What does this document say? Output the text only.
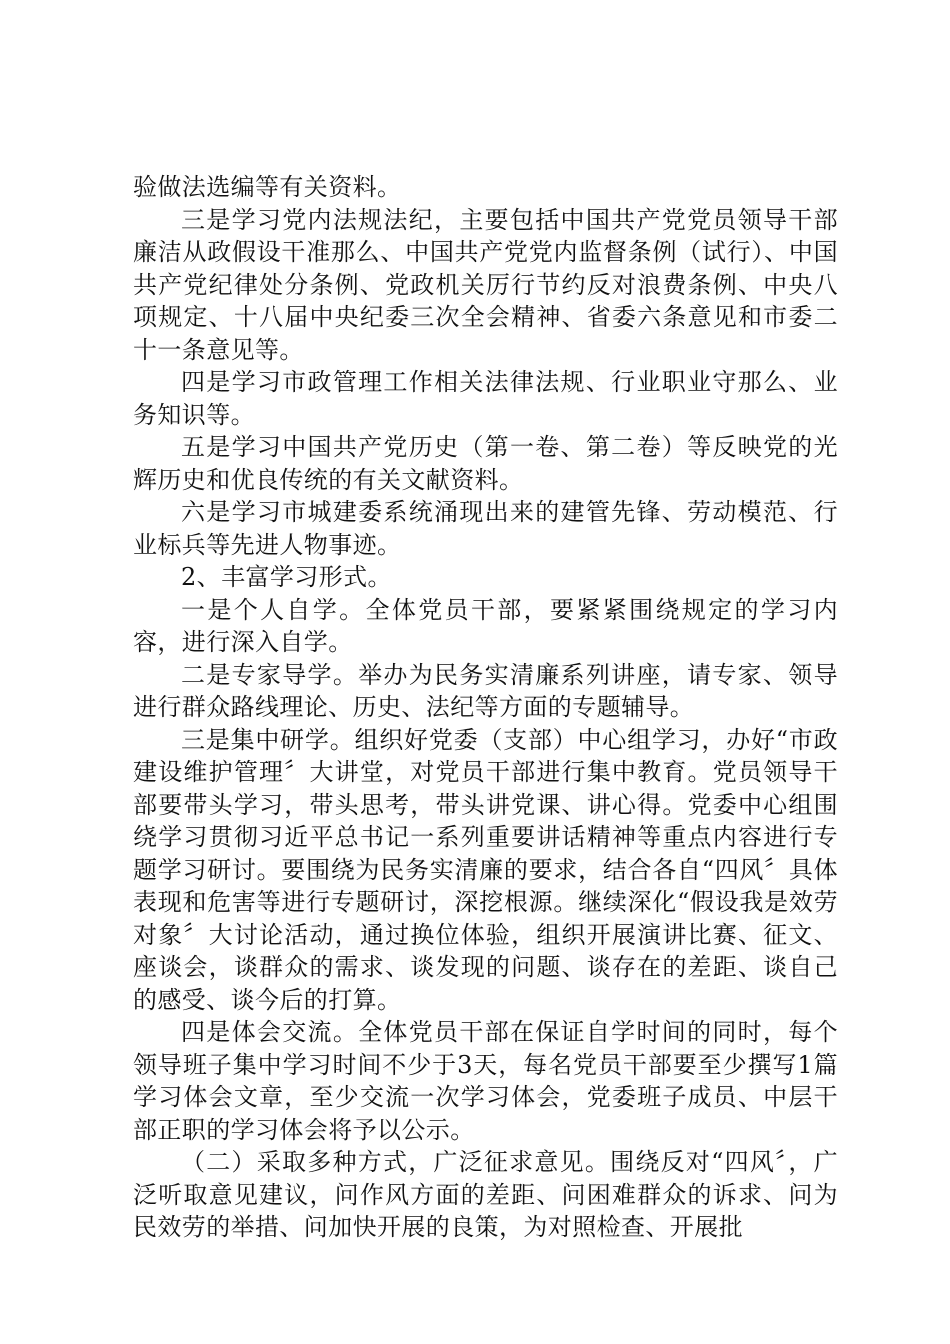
验做法选编等有关资料。

三是学习党内法规法纪，主要包括中国共产党党员领导干部廉洁从政假设干准那么、中国共产党党内监督条例（试行）、中国共产党纪律处分条例、党政机关厉行节约反对浪费条例、中央八项规定、十八届中央纪委三次全会精神、省委六条意见和市委二十一条意见等。

四是学习市政管理工作相关法律法规、行业职业守那么、业务知识等。

五是学习中国共产党历史（第一卷、第二卷）等反映党的光辉历史和优良传统的有关文献资料。

六是学习市城建委系统涌现出来的建管先锋、劳动模范、行业标兵等先进人物事迹。

2、丰富学习形式。

一是个人自学。全体党员干部，要紧紧围绕规定的学习内容，进行深入自学。

二是专家导学。举办为民务实清廉系列讲座，请专家、领导进行群众路线理论、历史、法纪等方面的专题辅导。

三是集中研学。组织好党委（支部）中心组学习，办好“市政建设维护管理〞大讲堂，对党员干部进行集中教育。党员领导干部要带头学习，带头思考，带头讲党课、讲心得。党委中心组围绕学习贯彻习近平总书记一系列重要讲话精神等重点内容进行专题学习研讨。要围绕为民务实清廉的要求，结合各自“四风〞具体表现和危害等进行专题研讨，深挖根源。继续深化“假设我是效劳对象〞大讨论活动，通过换位体验，组织开展演讲比赛、征文、座谈会，谈群众的需求、谈发现的问题、谈存在的差距、谈自己的感受、谈今后的打算。

四是体会交流。全体党员干部在保证自学时间的同时，每个领导班子集中学习时间不少于3天，每名党员干部要至少撰写1篇学习体会文章，至少交流一次学习体会，党委班子成员、中层干部正职的学习体会将予以公示。

（二）采取多种方式，广泛征求意见。围绕反对“四风〞，广泛听取意见建议，问作风方面的差距、问困难群众的诉求、问为民效劳的举措、问加快开展的良策，为对照检查、开展批
